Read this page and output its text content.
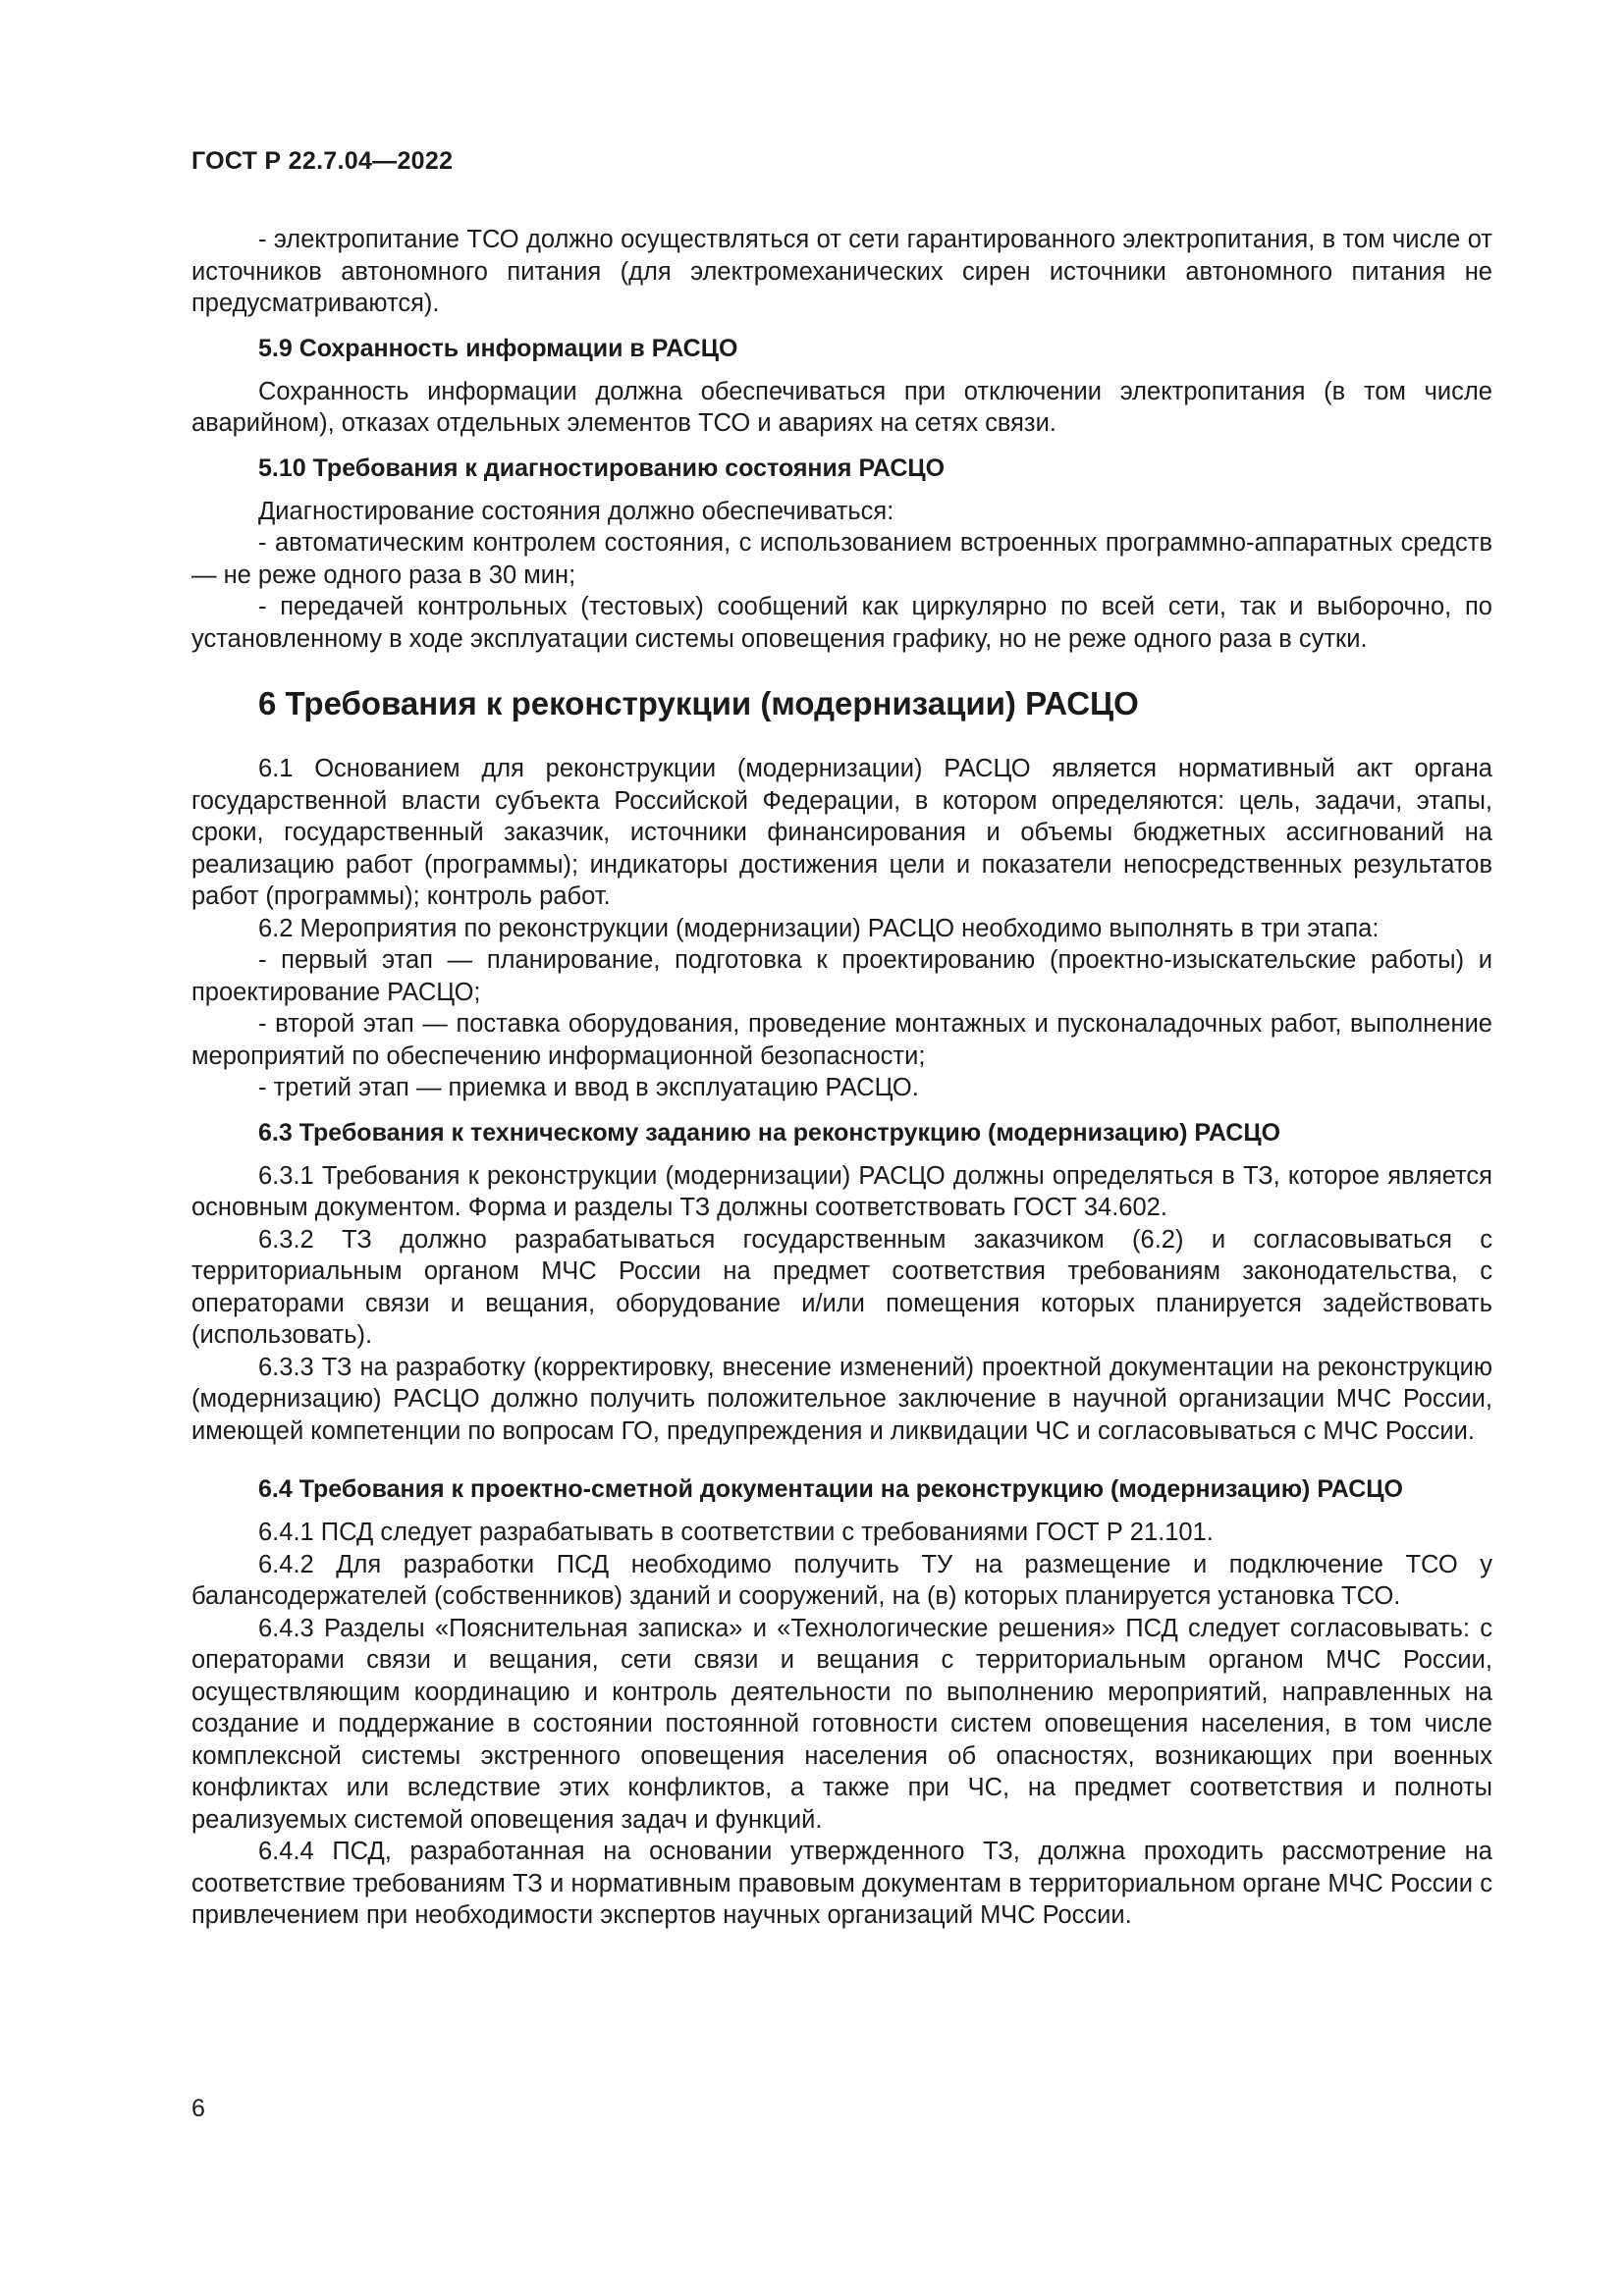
ГОСТ Р 22.7.04—2022

- электропитание ТСО должно осуществляться от сети гарантированного электропитания, в том числе от источников автономного питания (для электромеханических сирен источники автономного питания не предусматриваются).

5.9 Сохранность информации в РАСЦО

Сохранность информации должна обеспечиваться при отключении электропитания (в том числе аварийном), отказах отдельных элементов ТСО и авариях на сетях связи.

5.10 Требования к диагностированию состояния РАСЦО

Диагностирование состояния должно обеспечиваться:

- автоматическим контролем состояния, с использованием встроенных программно-аппаратных средств — не реже одного раза в 30 мин;

- передачей контрольных (тестовых) сообщений как циркулярно по всей сети, так и выборочно, по установленному в ходе эксплуатации системы оповещения графику, но не реже одного раза в сутки.

6 Требования к реконструкции (модернизации) РАСЦО

6.1 Основанием для реконструкции (модернизации) РАСЦО является нормативный акт органа государственной власти субъекта Российской Федерации, в котором определяются: цель, задачи, этапы, сроки, государственный заказчик, источники финансирования и объемы бюджетных ассигнований на реализацию работ (программы); индикаторы достижения цели и показатели непосредственных результатов работ (программы); контроль работ.

6.2 Мероприятия по реконструкции (модернизации) РАСЦО необходимо выполнять в три этапа:

- первый этап — планирование, подготовка к проектированию (проектно-изыскательские работы) и проектирование РАСЦО;

- второй этап — поставка оборудования, проведение монтажных и пусконаладочных работ, выполнение мероприятий по обеспечению информационной безопасности;

- третий этап — приемка и ввод в эксплуатацию РАСЦО.

6.3 Требования к техническому заданию на реконструкцию (модернизацию) РАСЦО

6.3.1 Требования к реконструкции (модернизации) РАСЦО должны определяться в ТЗ, которое является основным документом. Форма и разделы ТЗ должны соответствовать ГОСТ 34.602.

6.3.2 ТЗ должно разрабатываться государственным заказчиком (6.2) и согласовываться с территориальным органом МЧС России на предмет соответствия требованиям законодательства, с операторами связи и вещания, оборудование и/или помещения которых планируется задействовать (использовать).

6.3.3 ТЗ на разработку (корректировку, внесение изменений) проектной документации на реконструкцию (модернизацию) РАСЦО должно получить положительное заключение в научной организации МЧС России, имеющей компетенции по вопросам ГО, предупреждения и ликвидации ЧС и согласовываться с МЧС России.

6.4 Требования к проектно-сметной документации на реконструкцию (модернизацию) РАСЦО

6.4.1 ПСД следует разрабатывать в соответствии с требованиями ГОСТ Р 21.101.

6.4.2 Для разработки ПСД необходимо получить ТУ на размещение и подключение ТСО у балансодержателей (собственников) зданий и сооружений, на (в) которых планируется установка ТСО.

6.4.3 Разделы «Пояснительная записка» и «Технологические решения» ПСД следует согласовывать: с операторами связи и вещания, сети связи и вещания с территориальным органом МЧС России, осуществляющим координацию и контроль деятельности по выполнению мероприятий, направленных на создание и поддержание в состоянии постоянной готовности систем оповещения населения, в том числе комплексной системы экстренного оповещения населения об опасностях, возникающих при военных конфликтах или вследствие этих конфликтов, а также при ЧС, на предмет соответствия и полноты реализуемых системой оповещения задач и функций.

6.4.4 ПСД, разработанная на основании утвержденного ТЗ, должна проходить рассмотрение на соответствие требованиям ТЗ и нормативным правовым документам в территориальном органе МЧС России с привлечением при необходимости экспертов научных организаций МЧС России.

6
